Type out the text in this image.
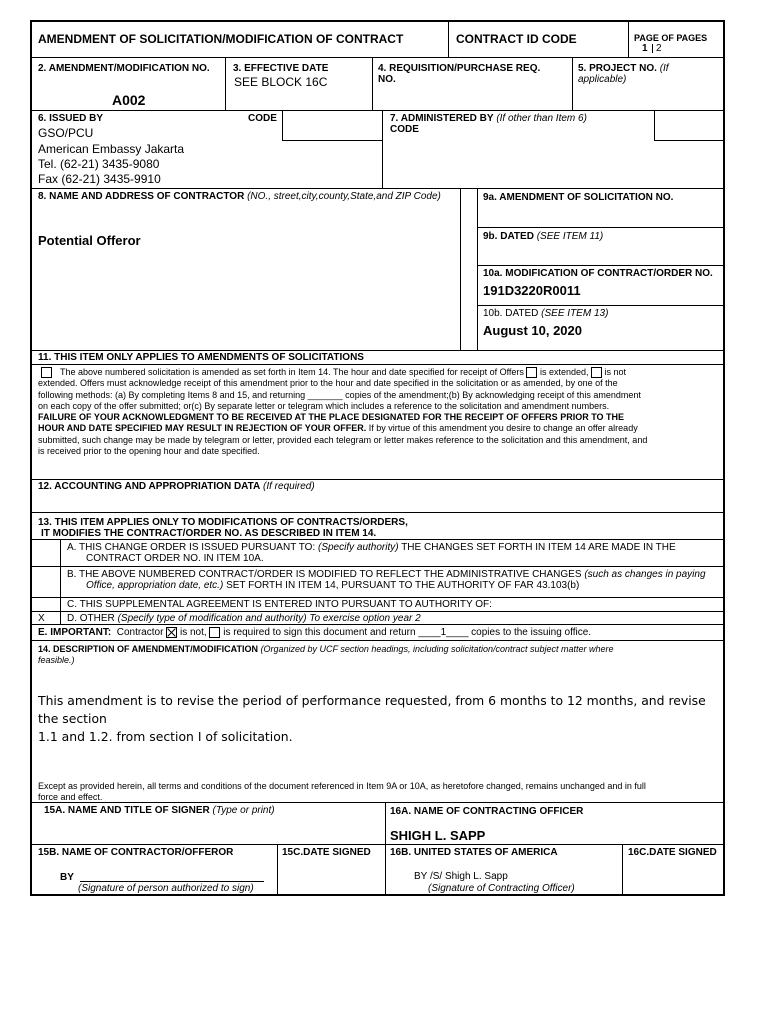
AMENDMENT OF SOLICITATION/MODIFICATION OF CONTRACT	CONTRACT ID CODE	PAGE OF PAGES
1 2
2. AMENDMENT/MODIFICATION NO.
A002
3. EFFECTIVE DATE
SEE BLOCK 16C
4. REQUISITION/PURCHASE REQ.
NO.
5. PROJECT NO. (If
applicable)
6. ISSUED BY	CODE
GSO/PCU
American Embassy Jakarta
Tel. (62-21) 3435-9080
Fax (62-21) 3435-9910
7. ADMINISTERED BY (If other than Item 6)
CODE
8. NAME AND ADDRESS OF CONTRACTOR (NO., street,city,county,State,and ZIP Code)
Potential Offeror
9a. AMENDMENT OF SOLICITATION NO.
9b. DATED (SEE ITEM 11)
10a. MODIFICATION OF CONTRACT/ORDER NO.
191D3220R0011
10b. DATED (SEE ITEM 13)
August 10, 2020
11. THIS ITEM ONLY APPLIES TO AMENDMENTS OF SOLICITATIONS
The above numbered solicitation is amended as set forth in Item 14. The hour and date specified for receipt of Offers is extended, is not
extended. Offers must acknowledge receipt of this amendment prior to the hour and date specified in the solicitation or as amended, by one of the
following methods: (a) By completing Items 8 and 15, and returning _______ copies of the amendment;(b) By acknowledging receipt of this amendment
on each copy of the offer submitted; or(c) By separate letter or telegram which includes a reference to the solicitation and amendment numbers.
FAILURE OF YOUR ACKNOWLEDGMENT TO BE RECEIVED AT THE PLACE DESIGNATED FOR THE RECEIPT OF OFFERS PRIOR TO THE
HOUR AND DATE SPECIFIED MAY RESULT IN REJECTION OF YOUR OFFER. If by virtue of this amendment you desire to change an offer already
submitted, such change may be made by telegram or letter, provided each telegram or letter makes reference to the solicitation and this amendment, and
is received prior to the opening hour and date specified.
12. ACCOUNTING AND APPROPRIATION DATA (If required)
13. THIS ITEM APPLIES ONLY TO MODIFICATIONS OF CONTRACTS/ORDERS,
IT MODIFIES THE CONTRACT/ORDER NO. AS DESCRIBED IN ITEM 14.
A. THIS CHANGE ORDER IS ISSUED PURSUANT TO: (Specify authority) THE CHANGES SET FORTH IN ITEM 14 ARE MADE IN THE
CONTRACT ORDER NO. IN ITEM 10A.
B. THE ABOVE NUMBERED CONTRACT/ORDER IS MODIFIED TO REFLECT THE ADMINISTRATIVE CHANGES (such as changes in paying
Office, appropriation date, etc.) SET FORTH IN ITEM 14, PURSUANT TO THE AUTHORITY OF FAR 43.103(b)
C. THIS SUPPLEMENTAL AGREEMENT IS ENTERED INTO PURSUANT TO AUTHORITY OF:
X D. OTHER (Specify type of modification and authority) To exercise option year 2
E. IMPORTANT: Contractor is not, is required to sign this document and return ____1____ copies to the issuing office.
14. DESCRIPTION OF AMENDMENT/MODIFICATION (Organized by UCF section headings, including solicitation/contract subject matter where
feasible.)
This amendment is to revise the period of performance requested, from 6 months to 12 months, and revise the section
1.1 and 1.2. from section I of solicitation.
Except as provided herein, all terms and conditions of the document referenced in Item 9A or 10A, as heretofore changed, remains unchanged and in full
force and effect.
15A. NAME AND TITLE OF SIGNER (Type or print)	16A. NAME OF CONTRACTING OFFICER
SHIGH L. SAPP
15B. NAME OF CONTRACTOR/OFFEROR	15C.DATE SIGNED 16B. UNITED STATES OF AMERICA	16C.DATE SIGNED
BY
(Signature of person authorized to sign)
BY /S/ Shigh L. Sapp
(Signature of Contracting Officer)
